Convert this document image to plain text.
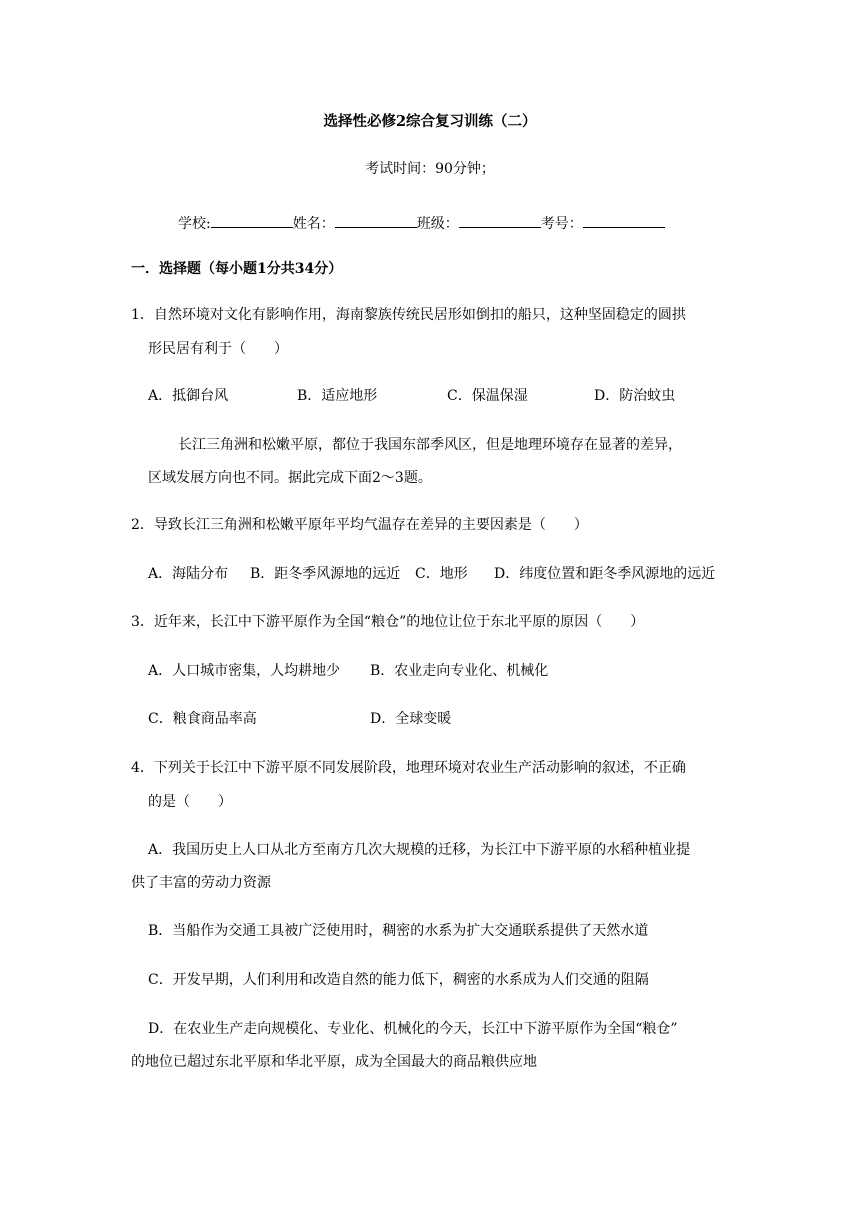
选择性必修2综合复习训练（二）
考试时间：90分钟；
学校:	姓名：	班级：	考号：
一．选择题（每小题1分共34分）
1．自然环境对文化有影响作用，海南黎族传统民居形如倒扣的船只，这种坚固稳定的圆拱
形民居有利于（　　）
A．抵御台风	B．适应地形	C．保温保湿	D．防治蚊虫
长江三角洲和松嫩平原，都位于我国东部季风区，但是地理环境存在显著的差异，
区域发展方向也不同。据此完成下面2～3题。
2．导致长江三角洲和松嫩平原年平均气温存在差异的主要因素是（　　）
A．海陆分布 B．距冬季风源地的远近 C．地形 D．纬度位置和距冬季风源地的远近
3．近年来，长江中下游平原作为全国“粮仓”的地位让位于东北平原的原因（　　）
A．人口城市密集，人均耕地少 B．农业走向专业化、机械化
C．粮食商品率高	D．全球变暖
4．下列关于长江中下游平原不同发展阶段，地理环境对农业生产活动影响的叙述，不正确
的是（　　）
A．我国历史上人口从北方至南方几次大规模的迁移，为长江中下游平原的水稻种植业提
供了丰富的劳动力资源
B．当船作为交通工具被广泛使用时，稠密的水系为扩大交通联系提供了天然水道
C．开发早期，人们利用和改造自然的能力低下，稠密的水系成为人们交通的阻隔
D．在农业生产走向规模化、专业化、机械化的今天，长江中下游平原作为全国“粮仓”
的地位已超过东北平原和华北平原，成为全国最大的商品粮供应地
